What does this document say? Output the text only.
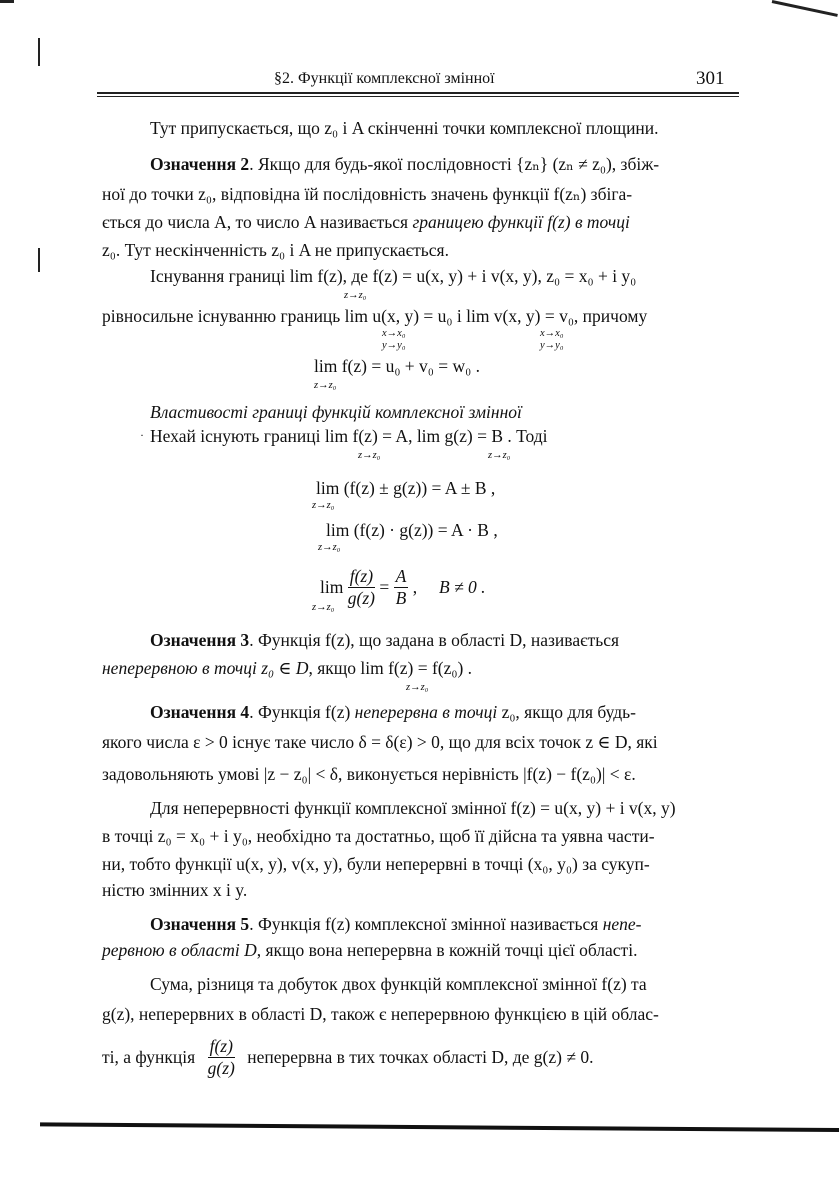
§2. Функції комплексної змінної	301
Тут припускається, що z₀ і A скінченні точки комплексної площини.
Означення 2. Якщо для будь-якої послідовності {zₙ} (zₙ ≠ z₀), збіж-
ної до точки z₀, відповідна їй послідовність значень функції f(zₙ) збіга-
ється до числа A, то число A називається границею функції f(z) в точці
z₀. Тут нескінченність z₀ і A не припускається.
Існування границі lim f(z), де f(z) = u(x, y) + i v(x, y), z₀ = x₀ + i y₀
z→z₀
рівносильне існуванню границь lim u(x, y) = u₀ і lim v(x, y) = v₀, причому
x→x₀
y→y₀
x→x₀
y→y₀
lim f(z) = u₀ + v₀ = w₀ .
z→z₀
Властивості границі функцій комплексної змінної
· Нехай існують границі lim f(z) = A, lim g(z) = B . Тоді
z→z₀	z→z₀
lim (f(z) ± g(z)) = A ± B ,
z→z₀
lim (f(z) · g(z)) = A · B ,
z→z₀
$\lim \frac{f(z)}{g(z)} = \frac{A}{B}$ ,     B ≠ 0 .
z→z₀
Означення 3. Функція f(z), що задана в області D, називається
неперервною в точці z₀ ∈ D, якщо lim f(z) = f(z₀) .
z→z₀
Означення 4. Функція f(z) неперервна в точці z₀, якщо для будь-
якого числа ε > 0 існує таке число δ = δ(ε) > 0, що для всіх точок z ∈ D, які
задовольняють умові |z − z₀| < δ, виконується нерівність |f(z) − f(z₀)| < ε.
Для неперервності функції комплексної змінної f(z) = u(x, y) + i v(x, y)
в точці z₀ = x₀ + i y₀, необхідно та достатньо, щоб її дійсна та уявна части-
ни, тобто функції u(x, y), v(x, y), були неперервні в точці (x₀, y₀) за сукуп-
ністю змінних x і y.
Означення 5. Функція f(z) комплексної змінної називається непе-
рервною в області D, якщо вона неперервна в кожній точці цієї області.
Сума, різниця та добуток двох функцій комплексної змінної f(z) та
g(z), неперервних в області D, також є неперервною функцією в цій облас-
ті, а функція $\frac{f(z)}{g(z)}$ неперервна в тих точках області D, де g(z) ≠ 0.
